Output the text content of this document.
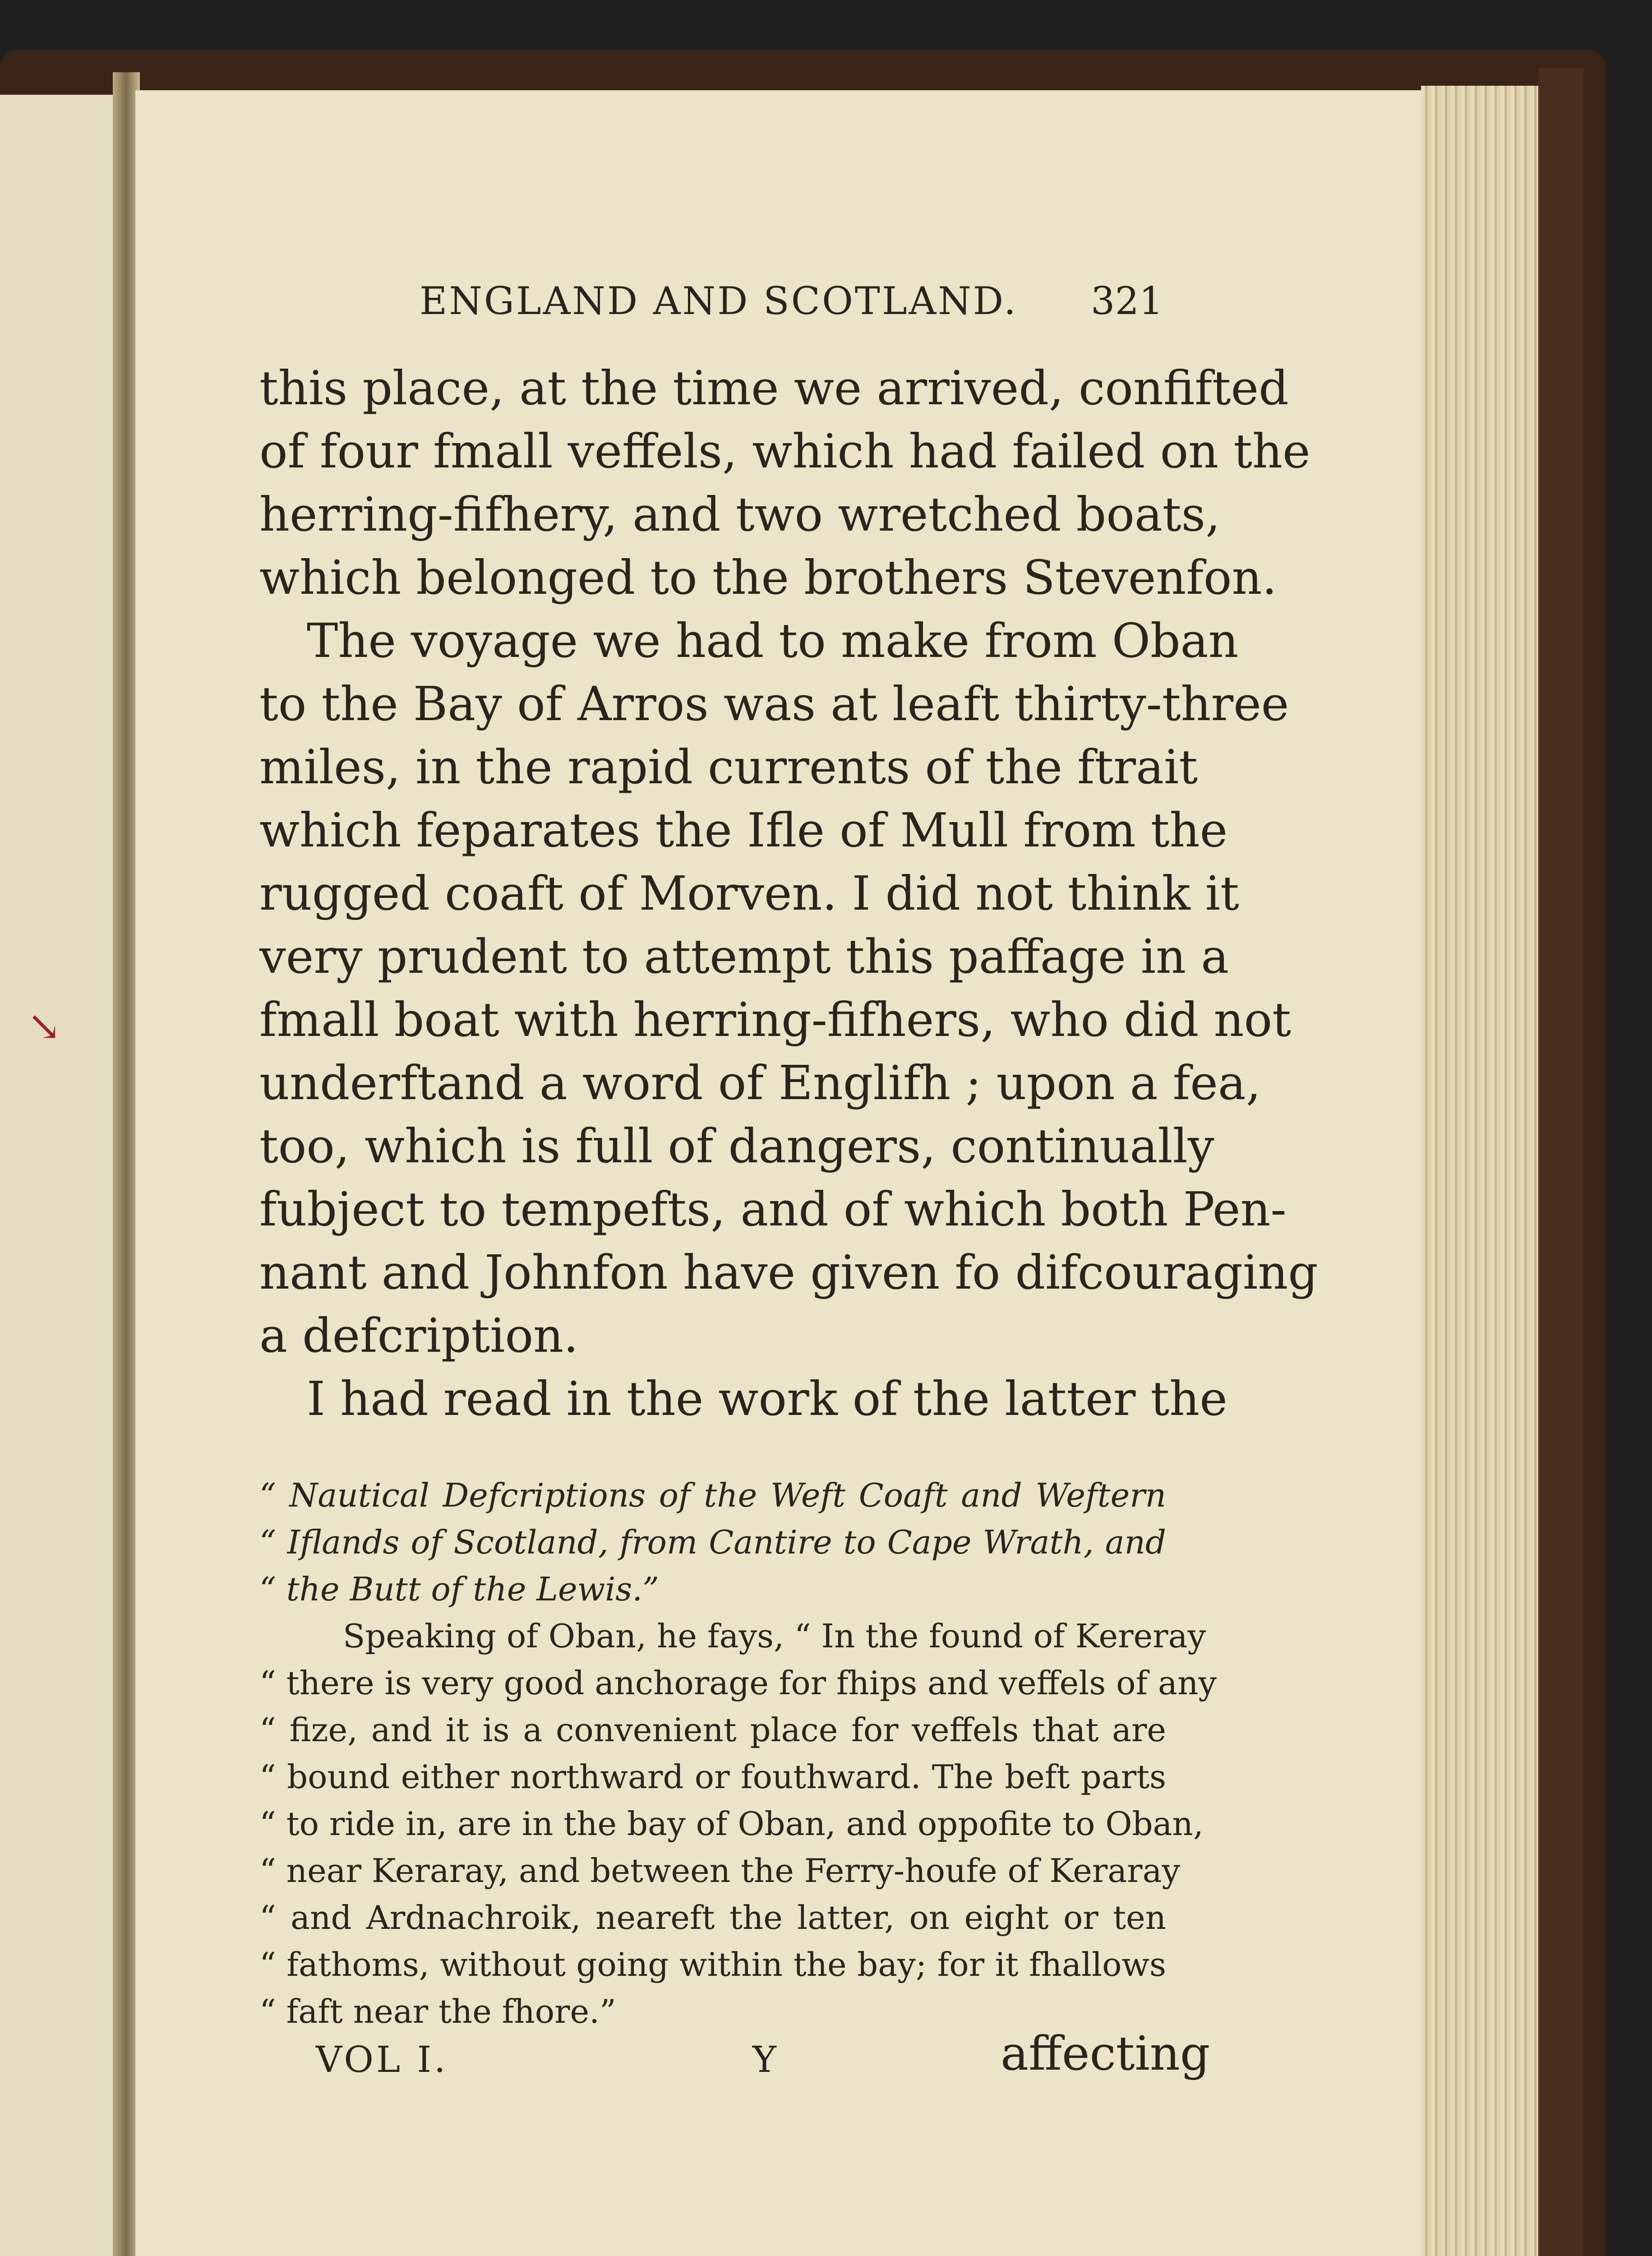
↘
ENGLAND AND SCOTLAND. 321
this place, at the time we arrived, confifted
of four fmall veffels, which had failed on the
herring-fifhery, and two wretched boats,
which belonged to the brothers Stevenfon.
The voyage we had to make from Oban
to the Bay of Arros was at leaft thirty-three
miles, in the rapid currents of the ftrait
which feparates the Ifle of Mull from the
rugged coaft of Morven. I did not think it
very prudent to attempt this paffage in a
fmall boat with herring-fifhers, who did not
underftand a word of Englifh ; upon a fea,
too, which is full of dangers, continually
fubject to tempefts, and of which both Pen-
nant and Johnfon have given fo difcouraging
a defcription.
I had read in the work of the latter the
“ Nautical Defcriptions of the Weft Coaft and Weftern
“ Iflands of Scotland, from Cantire to Cape Wrath, and
“ the Butt of the Lewis.”
Speaking of Oban, he fays, “ In the found of Kereray
“ there is very good anchorage for fhips and veffels of any
“ fize, and it is a convenient place for veffels that are
“ bound either northward or fouthward. The beft parts
“ to ride in, are in the bay of Oban, and oppofite to Oban,
“ near Keraray, and between the Ferry-houfe of Keraray
“ and Ardnachroik, neareft the latter, on eight or ten
“ fathoms, without going within the bay; for it fhallows
“ faft near the fhore.”
VOL I.	Y	affecting
